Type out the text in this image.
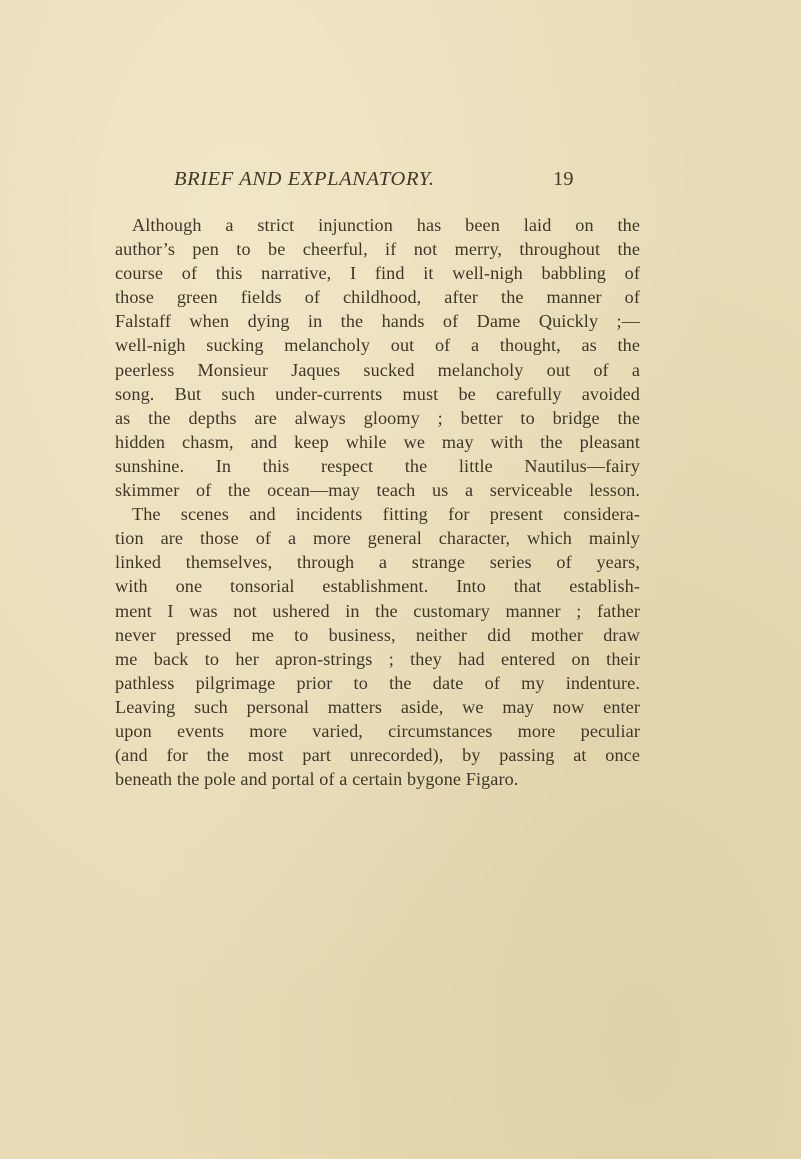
BRIEF AND EXPLANATORY.	19
Although a strict injunction has been laid on the
author’s pen to be cheerful, if not merry, throughout the
course of this narrative, I find it well-nigh babbling of
those green fields of childhood, after the manner of
Falstaff when dying in the hands of Dame Quickly ;—
well-nigh sucking melancholy out of a thought, as the
peerless Monsieur Jaques sucked melancholy out of a
song. But such under-currents must be carefully avoided
as the depths are always gloomy ; better to bridge the
hidden chasm, and keep while we may with the pleasant
sunshine. In this respect the little Nautilus—fairy
skimmer of the ocean—may teach us a serviceable lesson.
The scenes and incidents fitting for present considera-
tion are those of a more general character, which mainly
linked themselves, through a strange series of years,
with one tonsorial establishment. Into that establish-
ment I was not ushered in the customary manner ; father
never pressed me to business, neither did mother draw
me back to her apron-strings ; they had entered on their
pathless pilgrimage prior to the date of my indenture.
Leaving such personal matters aside, we may now enter
upon events more varied, circumstances more peculiar
(and for the most part unrecorded), by passing at once
beneath the pole and portal of a certain bygone Figaro.
